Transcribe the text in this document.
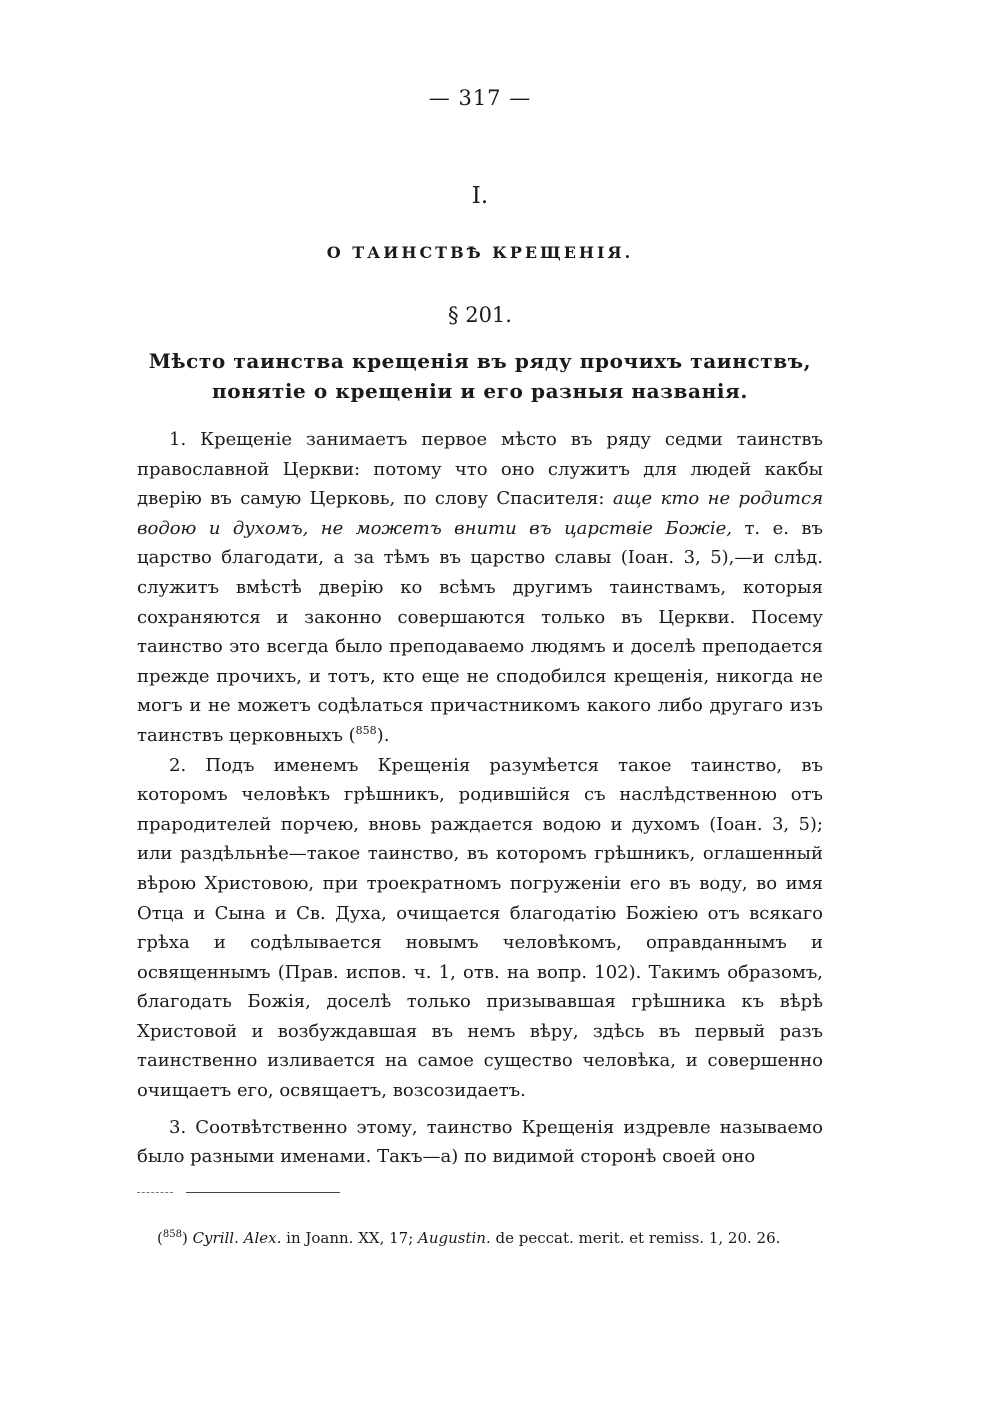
— 317 —
I.
О ТАИНСТВѢ КРЕЩЕНІЯ.
§ 201.
Мѣсто таинства крещенія въ ряду прочихъ таинствъ,
понятіе о крещеніи и его разныя названія.

1. Крещеніе занимаетъ первое мѣсто въ ряду седми таинствъ православной Церкви: потому что оно служитъ для людей какбы дверію въ самую Церковь, по слову Спасителя: аще кто не родится водою и духомъ, не можетъ внити въ царствіе Божіе, т. е. въ царство благодати, а за тѣмъ въ царство славы (Іоан. 3, 5),—и слѣд. служитъ вмѣстѣ дверію ко всѣмъ другимъ таинствамъ, которыя сохраняются и законно совершаются только въ Церкви. Посему таинство это всегда было преподаваемо людямъ и доселѣ преподается прежде прочихъ, и тотъ, кто еще не сподобился крещенія, никогда не могъ и не можетъ содѣлаться причастникомъ какого либо другаго изъ таинствъ церковныхъ ($^{858}$).

2. Подъ именемъ Крещенія разумѣется такое таинство, въ которомъ человѣкъ грѣшникъ, родившійся съ наслѣдственною отъ прародителей порчею, вновь раждается водою и духомъ (Іоан. 3, 5); или раздѣльнѣе—такое таинство, въ которомъ грѣшникъ, оглашенный вѣрою Христовою, при троекратномъ погруженіи его въ воду, во имя Отца и Сына и Св. Духа, очищается благодатію Божіею отъ всякаго грѣха и содѣлывается новымъ человѣкомъ, оправданнымъ и освященнымъ (Прав. испов. ч. 1, отв. на вопр. 102). Такимъ образомъ, благодать Божія, доселѣ только призывавшая грѣшника къ вѣрѣ Христовой и возбуждавшая въ немъ вѣру, здѣсь въ первый разъ таинственно изливается на самое существо человѣка, и совершенно очищаетъ его, освящаетъ, возсозидаетъ.

3. Соотвѣтственно этому, таинство Крещенія издревле называемо было разными именами. Такъ—а) по видимой сторонѣ своей оно

($^{858}$) Cyrill. Alex. in Joann. XX, 17; Augustin. de peccat. merit. et remiss. 1, 20. 26.
